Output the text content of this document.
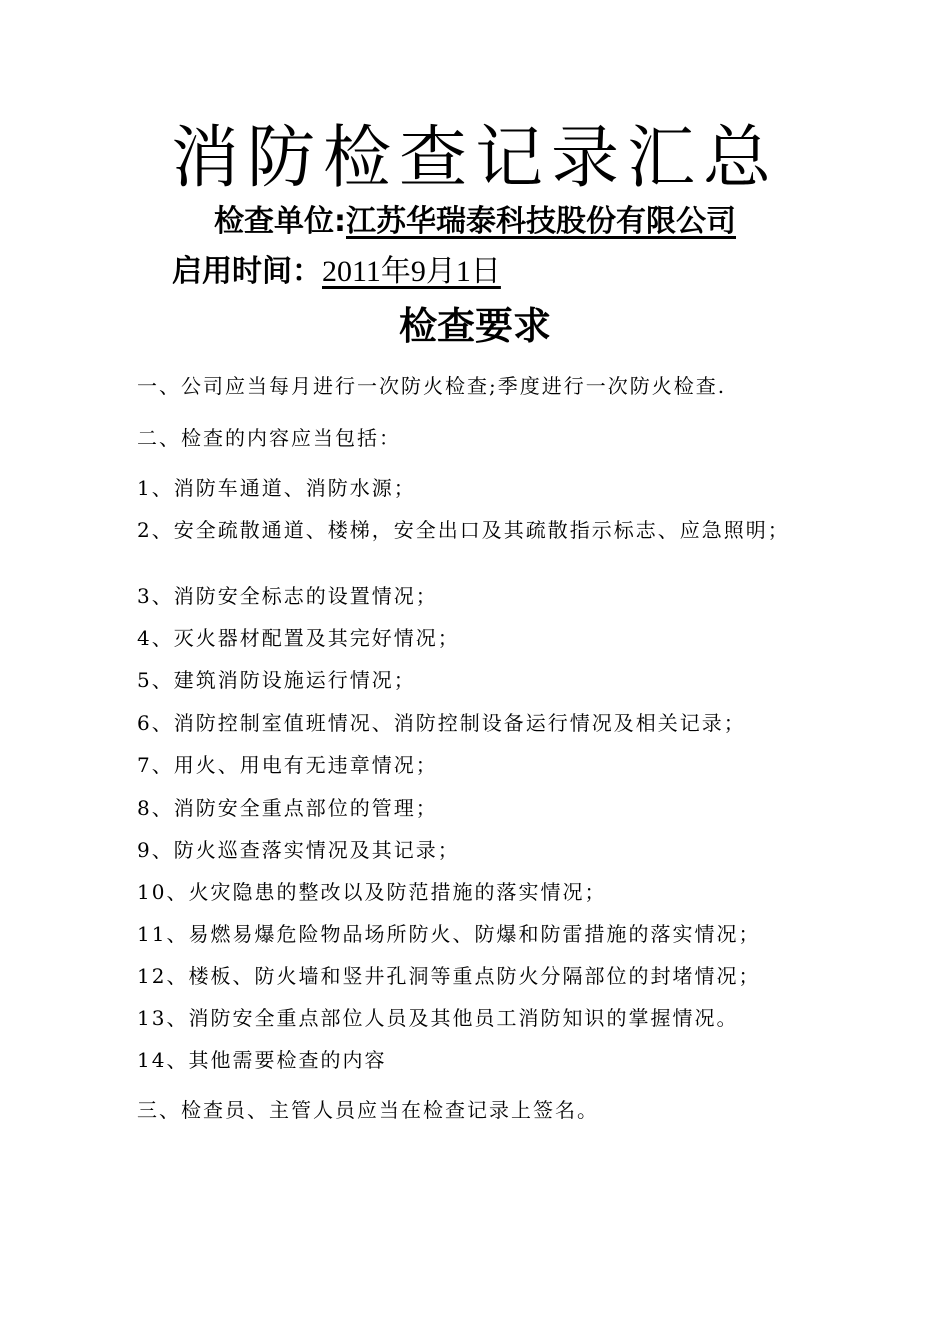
消防检查记录汇总
检查单位:江苏华瑞泰科技股份有限公司
启用时间：2011年9月1日
检查要求
一、公司应当每月进行一次防火检查;季度进行一次防火检查.
二、检查的内容应当包括：
1、消防车通道、消防水源；
2、安全疏散通道、楼梯，安全出口及其疏散指示标志、应急照明；
3、消防安全标志的设置情况；
4、灭火器材配置及其完好情况；
5、建筑消防设施运行情况；
6、消防控制室值班情况、消防控制设备运行情况及相关记录；
7、用火、用电有无违章情况；
8、消防安全重点部位的管理；
9、防火巡查落实情况及其记录；
10、火灾隐患的整改以及防范措施的落实情况；
11、易燃易爆危险物品场所防火、防爆和防雷措施的落实情况；
12、楼板、防火墙和竖井孔洞等重点防火分隔部位的封堵情况；
13、消防安全重点部位人员及其他员工消防知识的掌握情况。
14、其他需要检查的内容
三、检查员、主管人员应当在检查记录上签名。
